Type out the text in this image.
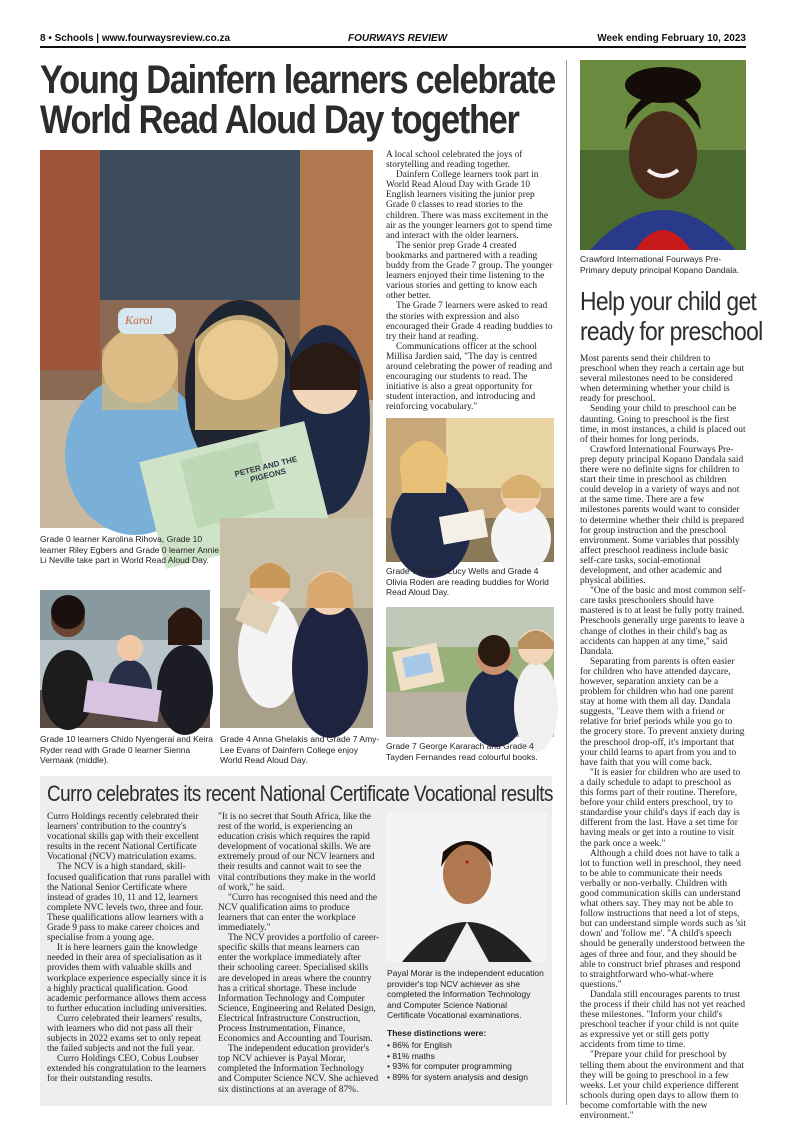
8 • Schools | www.fourwaysreview.co.za	FOURWAYS REVIEW	Week ending February 10, 2023
Young Dainfern learners celebrate
World Read Aloud Day together
PETER AND THE PIGEONS
Karol
Grade 0 learner Karolina Rihova, Grade 10 learner Riley Egbers and Grade 0 learner Annie Li Neville take part in World Read Aloud Day.

A local school celebrated the joys of storytelling and reading together.

Dainfern College learners took part in World Read Aloud Day with Grade 10 English learners visiting the junior prep Grade 0 classes to read stories to the children. There was mass excitement in the air as the younger learners got to spend time and interact with the older learners.

The senior prep Grade 4 created bookmarks and partnered with a reading buddy from the Grade 7 group. The younger learners enjoyed their time listening to the various stories and getting to know each other better.

The Grade 7 learners were asked to read the stories with expression and also encouraged their Grade 4 reading buddies to try their hand at reading.

Communications officer at the school Millisa Jardien said, "The day is centred around celebrating the power of reading and encouraging our students to read. The initiative is also a great opportunity for student interaction, and introducing and reinforcing vocabulary."

Grade 7 learner Lucy Wells and Grade 4 Olivia Roden are reading buddies for World Read Aloud Day.
Grade 10 learners Chido Nyengerai and Keira Ryder read with Grade 0 learner Sienna Vermaak (middle).
Grade 4 Anna Ghelakis and Grade 7 Amy-Lee Evans of Dainfern College enjoy World Read Aloud Day.
Grade 7 George Kararach and Grade 4 Tayden Fernandes read colourful books.
Crawford International Fourways Pre-Primary deputy principal Kopano Dandala.
Help your child get
ready for preschool

Most parents send their children to preschool when they reach a certain age but several milestones need to be considered when determining whether your child is ready for preschool.

Sending your child to preschool can be daunting. Going to preschool is the first time, in most instances, a child is placed out of their homes for long periods.

Crawford International Fourways Pre-prep deputy principal Kopano Dandala said there were no definite signs for children to start their time in preschool as children could develop in a variety of ways and not at the same time. There are a few milestones parents would want to consider to determine whether their child is prepared for group instruction and the preschool environment. Some variables that possibly affect preschool readiness include basic self-care tasks, social-emotional development, and other academic and physical abilities.

"One of the basic and most common self-care tasks preschoolers should have mastered is to at least be fully potty trained. Preschools generally urge parents to leave a change of clothes in their child's bag as accidents can happen at any time," said Dandala.

Separating from parents is often easier for children who have attended daycare, however, separation anxiety can be a problem for children who had one parent stay at home with them all day. Dandala suggests, "Leave them with a friend or relative for brief periods while you go to the grocery store. To prevent anxiety during the preschool drop-off, it's important that your child learns to apart from you and to have faith that you will come back.

"It is easier for children who are used to a daily schedule to adapt to preschool as this forms part of their routine. Therefore, before your child enters preschool, try to standardise your child's days if each day is different from the last. Have a set time for having meals or get into a routine to visit the park once a week."

Although a child does not have to talk a lot to function well in preschool, they need to be able to communicate their needs verbally or non-verbally. Children with good communication skills can understand what others say. They may not be able to follow instructions that need a lot of steps, but can understand simple words such as 'sit down' and 'follow me'. "A child's speech should be generally understood between the ages of three and four, and they should be able to construct brief phrases and respond to straightforward who-what-where questions."

Dandala still encourages parents to trust the process if their child has not yet reached these milestones. "Inform your child's preschool teacher if your child is not quite as expressive yet or still gets potty accidents from time to time.

"Prepare your child for preschool by telling them about the environment and that they will be going to preschool in a few weeks. Let your child experience different schools during open days to allow them to become comfortable with the new environment."

Curro celebrates its recent National Certificate Vocational results

Curro Holdings recently celebrated their learners' contribution to the country's vocational skills gap with their excellent results in the recent National Certificate Vocational (NCV) matriculation exams.

The NCV is a high standard, skill-focused qualification that runs parallel with the National Senior Certificate where instead of grades 10, 11 and 12, learners complete NVC levels two, three and four. These qualifications allow learners with a Grade 9 pass to make career choices and specialise from a young age.

It is here learners gain the knowledge needed in their area of specialisation as it provides them with valuable skills and workplace experience especially since it is a highly practical qualification. Good academic performance allows them access to further education including universities.

Curro celebrated their learners' results, with learners who did not pass all their subjects in 2022 exams set to only repeat the failed subjects and not the full year.

Curro Holdings CEO, Cobus Loubser extended his congratulation to the learners for their outstanding results.

"It is no secret that South Africa, like the rest of the world, is experiencing an education crisis which requires the rapid development of vocational skills. We are extremely proud of our NCV learners and their results and cannot wait to see the vital contributions they make in the world of work," he said.

"Curro has recognised this need and the NCV qualification aims to produce learners that can enter the workplace immediately."

The NCV provides a portfolio of career-specific skills that means learners can enter the workplace immediately after their schooling career. Specialised skills are developed in areas where the country has a critical shortage. These include Information Technology and Computer Science, Engineering and Related Design, Electrical Infrastructure Construction, Process Instrumentation, Finance, Economics and Accounting and Tourism.

The independent education provider's top NCV achiever is Payal Morar, completed the Information Technology and Computer Science NCV. She achieved six distinctions at an average of 87%.

Payal Morar is the independent education provider's top NCV achiever as she completed the Information Technology and Computer Science National Certificate Vocational examinations.
These distinctions were:
• 86% for English
• 81% maths
• 93% for computer programming
• 89% for system analysis and design
